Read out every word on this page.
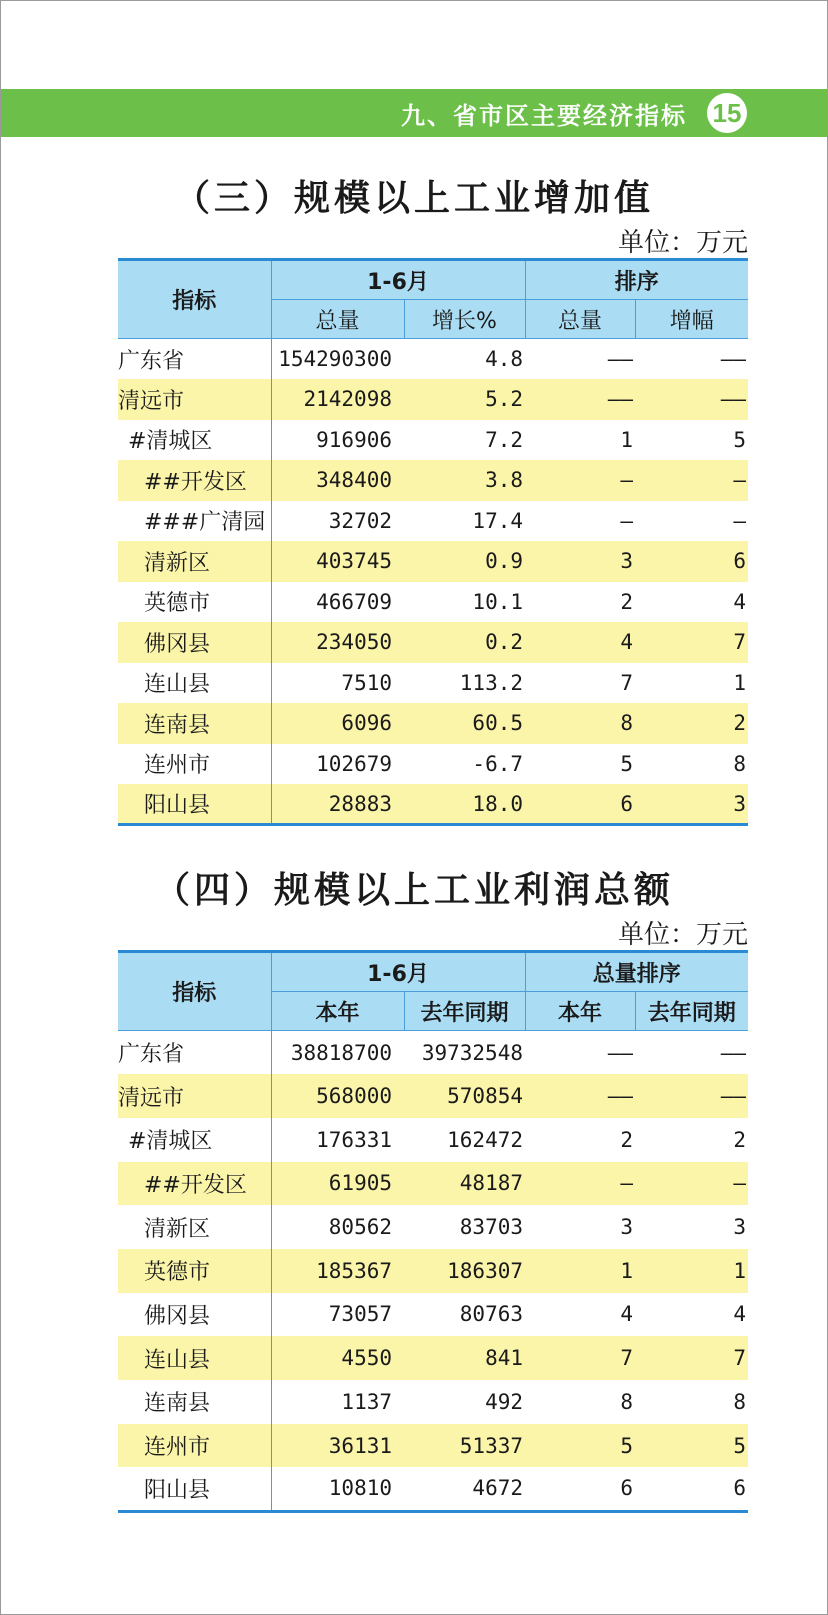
九、省市区主要经济指标 15
（三）规模以上工业增加值
单位：万元
指标	1-6月		排序	
	总量	增长%	总量	增幅
广东省	154290300	4.8	——	——
清远市	2142098	5.2	——	——
#清城区	916906	7.2	1	5
##开发区	348400	3.8	—	—
###广清园	32702	17.4	—	—
清新区	403745	0.9	3	6
英德市	466709	10.1	2	4
佛冈县	234050	0.2	4	7
连山县	7510	113.2	7	1
连南县	6096	60.5	8	2
连州市	102679	-6.7	5	8
阳山县	28883	18.0	6	3
（四）规模以上工业利润总额
单位：万元
指标	1-6月		总量排序	
	本年	去年同期	本年	去年同期
广东省	38818700	39732548	——	——
清远市	568000	570854	——	——
#清城区	176331	162472	2	2
##开发区	61905	48187	—	—
清新区	80562	83703	3	3
英德市	185367	186307	1	1
佛冈县	73057	80763	4	4
连山县	4550	841	7	7
连南县	1137	492	8	8
连州市	36131	51337	5	5
阳山县	10810	4672	6	6
